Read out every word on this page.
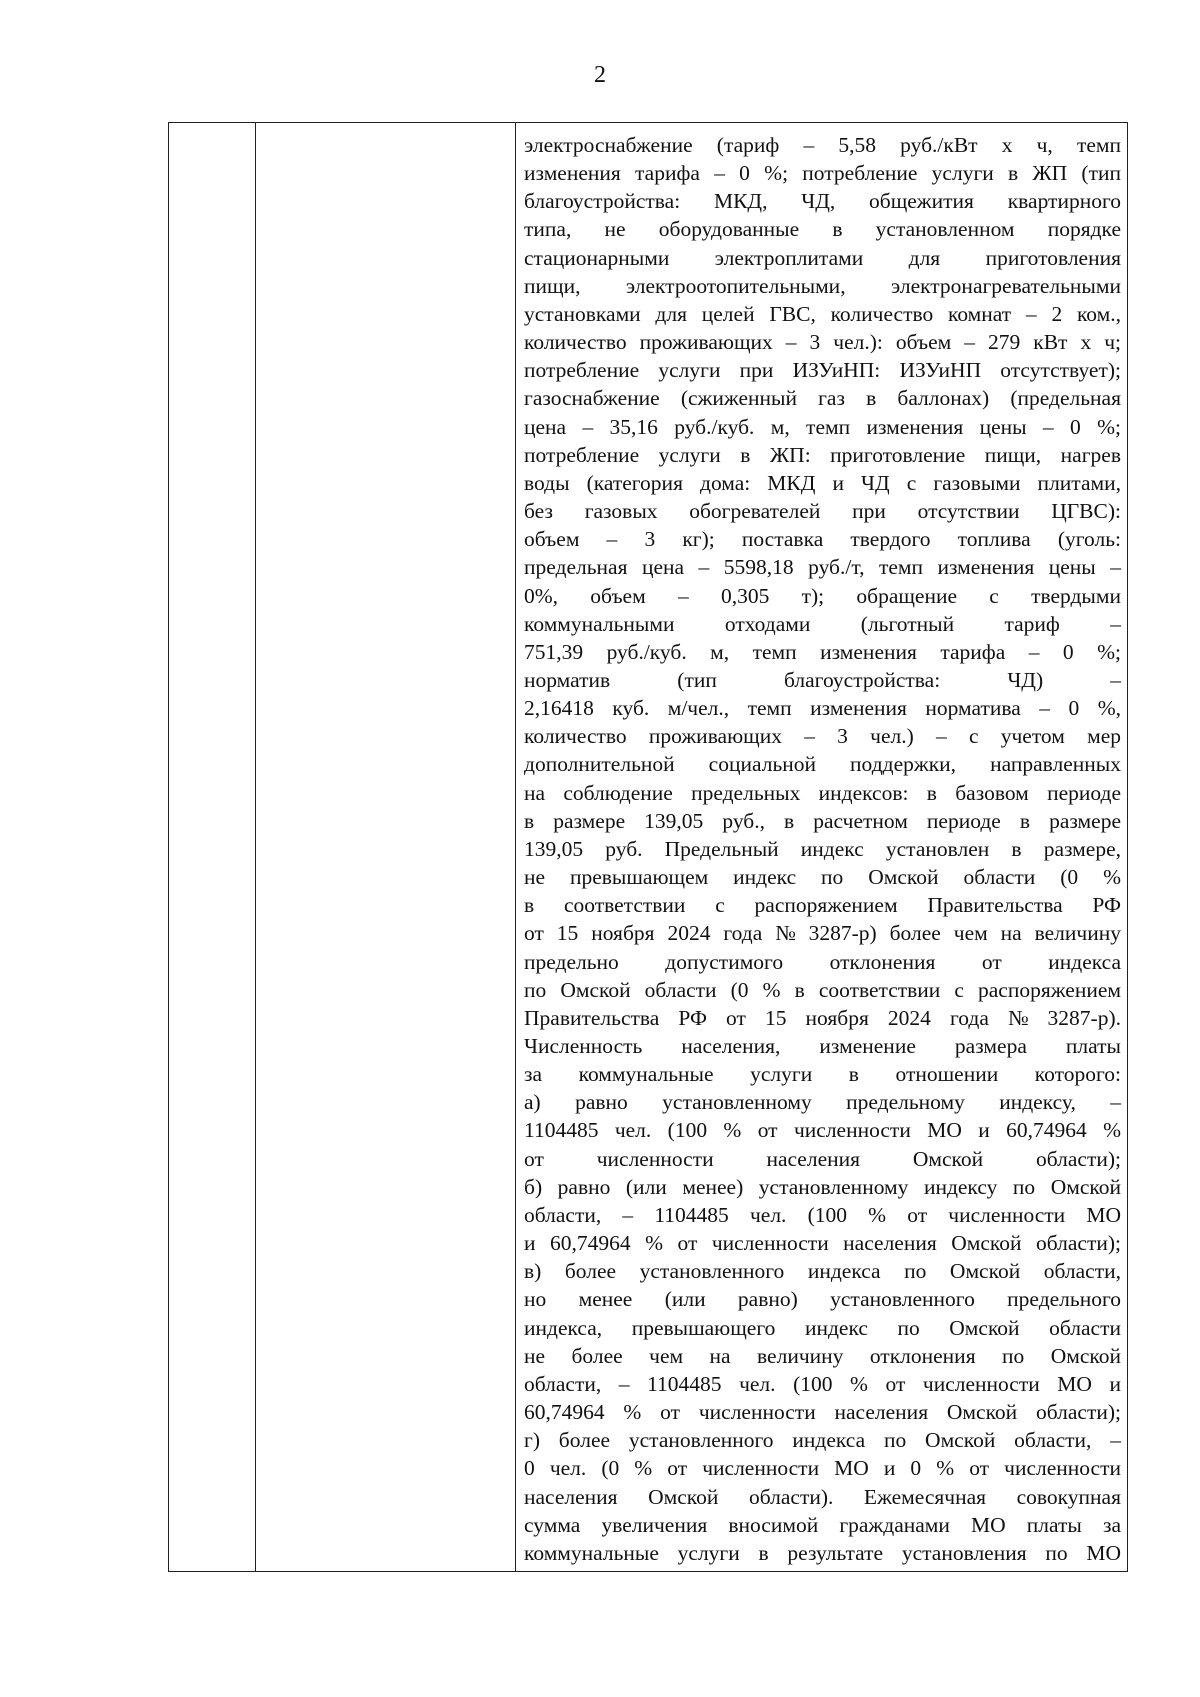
2
электроснабжение (тариф – 5,58 руб./кВт х ч, темп
изменения тарифа – 0 %; потребление услуги в ЖП (тип
благоустройства: МКД, ЧД, общежития квартирного
типа, не оборудованные в установленном порядке
стационарными электроплитами для приготовления
пищи, электроотопительными, электронагревательными
установками для целей ГВС, количество комнат – 2 ком.,
количество проживающих – 3 чел.): объем – 279 кВт х ч;
потребление услуги при ИЗУиНП: ИЗУиНП отсутствует);
газоснабжение (сжиженный газ в баллонах) (предельная
цена – 35,16 руб./куб. м, темп изменения цены – 0 %;
потребление услуги в ЖП: приготовление пищи, нагрев
воды (категория дома: МКД и ЧД с газовыми плитами,
без газовых обогревателей при отсутствии ЦГВС):
объем – 3 кг); поставка твердого топлива (уголь:
предельная цена – 5598,18 руб./т, темп изменения цены –
0%, объем – 0,305 т); обращение с твердыми
коммунальными отходами (льготный тариф –
751,39 руб./куб. м, темп изменения тарифа – 0 %;
норматив (тип благоустройства: ЧД) –
2,16418 куб. м/чел., темп изменения норматива – 0 %,
количество проживающих – 3 чел.) – с учетом мер
дополнительной социальной поддержки, направленных
на соблюдение предельных индексов: в базовом периоде
в размере 139,05 руб., в расчетном периоде в размере
139,05 руб. Предельный индекс установлен в размере,
не превышающем индекс по Омской области (0 %
в соответствии с распоряжением Правительства РФ
от 15 ноября 2024 года № 3287-р) более чем на величину
предельно допустимого отклонения от индекса
по Омской области (0 % в соответствии с распоряжением
Правительства РФ от 15 ноября 2024 года № 3287-р).
Численность населения, изменение размера платы
за коммунальные услуги в отношении которого:
а) равно установленному предельному индексу, –
1104485 чел. (100 % от численности МО и 60,74964 %
от численности населения Омской области);
б) равно (или менее) установленному индексу по Омской
области, – 1104485 чел. (100 % от численности МО
и 60,74964 % от численности населения Омской области);
в) более установленного индекса по Омской области,
но менее (или равно) установленного предельного
индекса, превышающего индекс по Омской области
не более чем на величину отклонения по Омской
области, – 1104485 чел. (100 % от численности МО и
60,74964 % от численности населения Омской области);
г) более установленного индекса по Омской области, –
0 чел. (0 % от численности МО и 0 % от численности
населения Омской области). Ежемесячная совокупная
сумма увеличения вносимой гражданами МО платы за
коммунальные услуги в результате установления по МО
